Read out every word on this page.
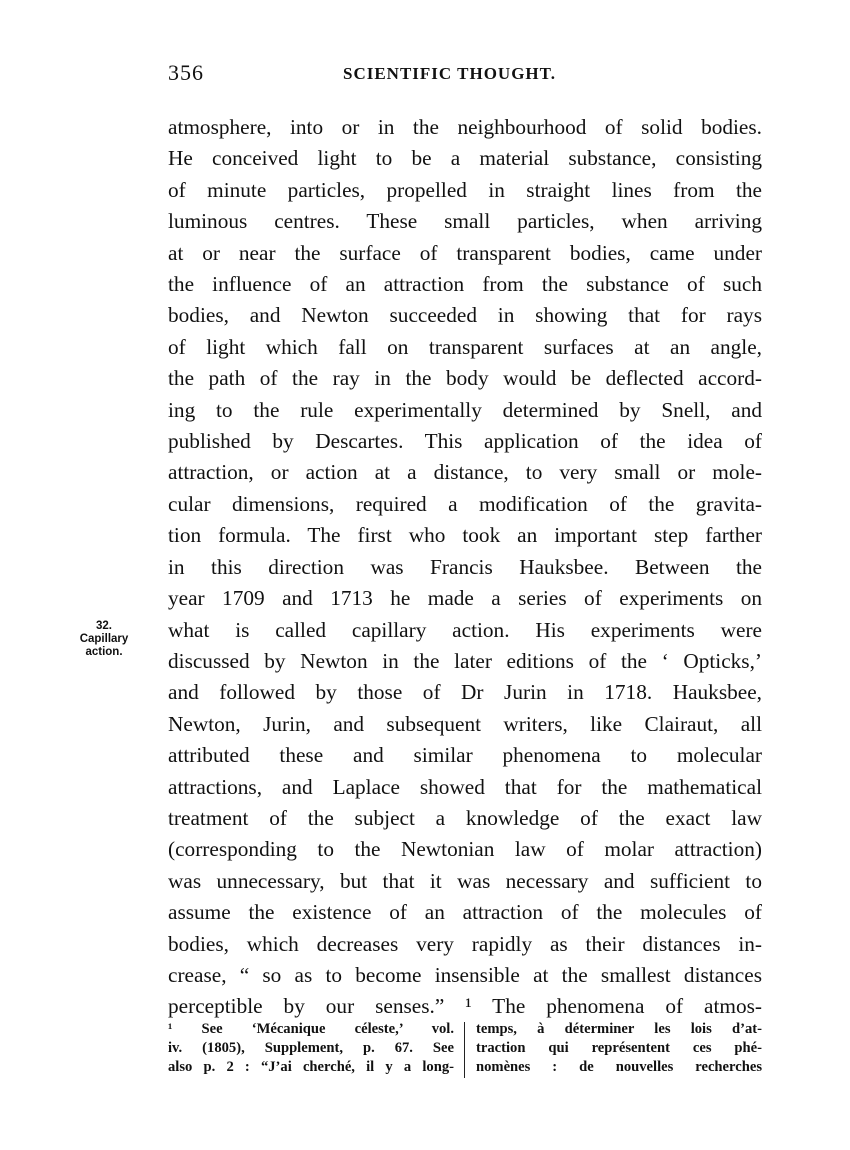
356	SCIENTIFIC THOUGHT.
32.
Capillary
action.
atmosphere, into or in the neighbourhood of solid bodies.
He conceived light to be a material substance, consisting
of minute particles, propelled in straight lines from the
luminous centres. These small particles, when arriving
at or near the surface of transparent bodies, came under
the influence of an attraction from the substance of such
bodies, and Newton succeeded in showing that for rays
of light which fall on transparent surfaces at an angle,
the path of the ray in the body would be deflected accord-
ing to the rule experimentally determined by Snell, and
published by Descartes. This application of the idea of
attraction, or action at a distance, to very small or mole-
cular dimensions, required a modification of the gravita-
tion formula. The first who took an important step farther
in this direction was Francis Hauksbee. Between the
year 1709 and 1713 he made a series of experiments on
what is called capillary action. His experiments were
discussed by Newton in the later editions of the ‘ Opticks,’
and followed by those of Dr Jurin in 1718. Hauksbee,
Newton, Jurin, and subsequent writers, like Clairaut, all
attributed these and similar phenomena to molecular
attractions, and Laplace showed that for the mathematical
treatment of the subject a knowledge of the exact law
(corresponding to the Newtonian law of molar attraction)
was unnecessary, but that it was necessary and sufficient to
assume the existence of an attraction of the molecules of
bodies, which decreases very rapidly as their distances in-
crease, “ so as to become insensible at the smallest distances
perceptible by our senses.” ¹ The phenomena of atmos-
¹ See ‘Mécanique céleste,’ vol.
iv. (1805), Supplement, p. 67. See
also p. 2 : “J’ai cherché, il y a long-
temps, à déterminer les lois d’at-
traction qui représentent ces phé-
nomènes : de nouvelles recherches
